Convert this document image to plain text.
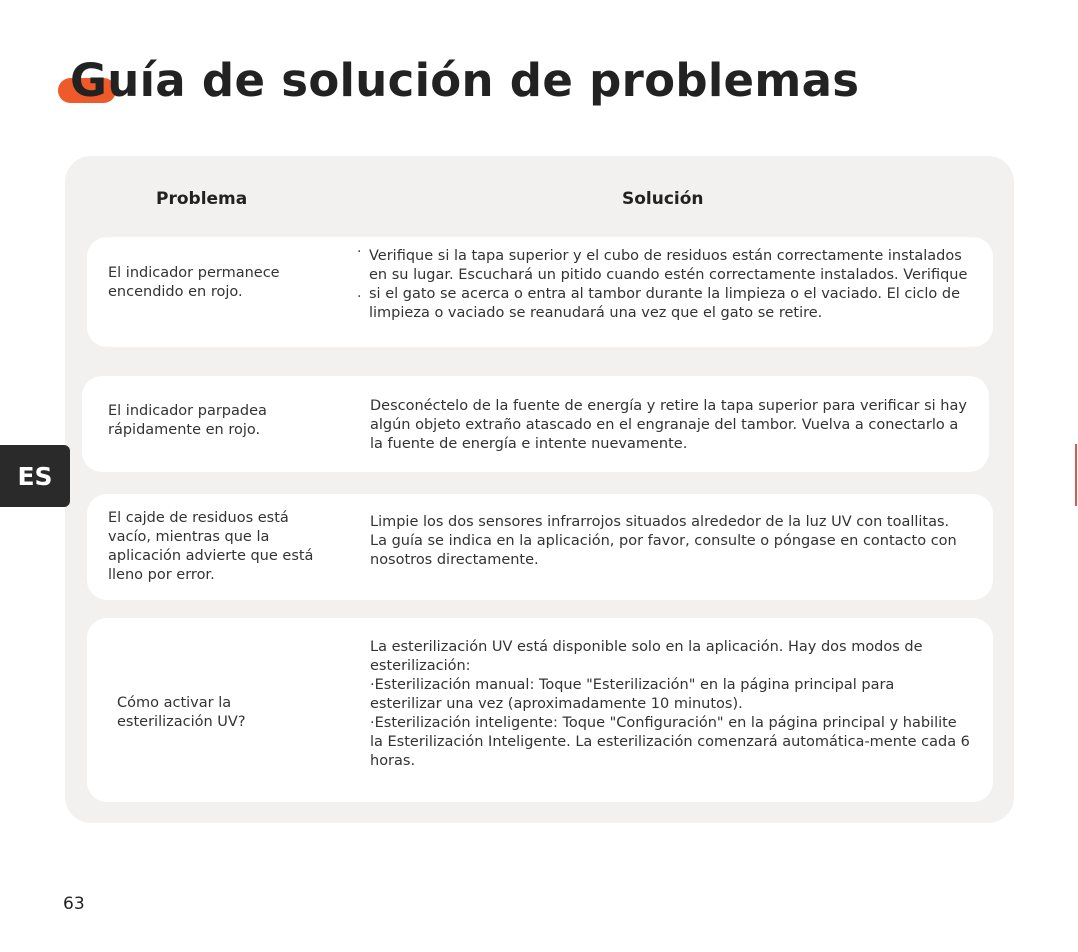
Guía de solución de problemas
Problema	Solución
El indicador permanece
encendido en rojo.
·
·
Verifique si la tapa superior y el cubo de residuos están correctamente instalados en su lugar. Escuchará un pitido cuando estén correctamente instalados. Verifique si el gato se acerca o entra al tambor durante la limpieza o el vaciado. El ciclo de limpieza o vaciado se reanudará una vez que el gato se retire.
El indicador parpadea
rápidamente en rojo.
Desconéctelo de la fuente de energía y retire la tapa superior para verificar si hay algún objeto extraño atascado en el engranaje del tambor. Vuelva a conectarlo a la fuente de energía e intente nuevamente.
El cajde de residuos está
vacío, mientras que la
aplicación advierte que está
lleno por error.
Limpie los dos sensores infrarrojos situados alrededor de la luz UV con toallitas. La guía se indica en la aplicación, por favor, consulte o póngase en contacto con nosotros directamente.
Cómo activar la
esterilización UV?
La esterilización UV está disponible solo en la aplicación. Hay dos modos de esterilización:
·Esterilización manual: Toque "Esterilización" en la página principal para esterilizar una vez (aproximadamente 10 minutos).
·Esterilización inteligente: Toque "Configuración" en la página principal y habilite la Esterilización Inteligente. La esterilización comenzará automática-mente cada 6 horas.
ES
63
